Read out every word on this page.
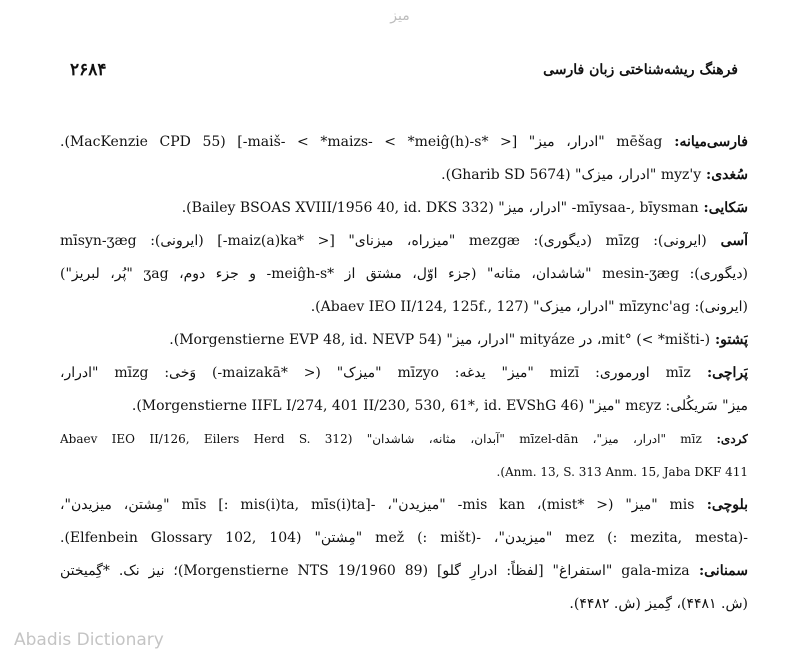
میز
۲۶۸۴	فرهنگ ریشه‌شناختی زبان فارسی
فارسی‌میانه: mēšag "ادرار، میز" [< *maiš- < *maizs- < *meiĝ(h)-s-] (MacKenzie CPD 55).
سُغدی: myz'y "ادرار، میزک" (Gharib SD 5674).
سَکایی: mīysaa-, bīysman- "ادرار، میز" (Bailey BSOAS XVIII/1956 40, id. DKS 332).
آسی (ایرونی): mīzg (دیگوری): mezgæ "میزراه، میزنای" [< *maiz(a)ka-] (ایرونی): mīsyn-ʒæg
(دیگوری): mesin-ʒæg "شاشدان، مثانه" (جزء اوّل، مشتق از *meiĝh-s- و جزء دوم، ʒag "پُر، لبریز")
(ایرونی): mīzync'ag "ادرار، میزک" (Abaev IEO II/124, 125f., 127).
پَشتو: mit° (< *mišti-)، در mityáze "ادرار، میز" (Morgenstierne EVP 48, id. NEVP 54).
پَراچی: mīz اورموری: mizī "میز" یدغه: mīzyo "میزک" (< *maizakā-) وَخی: mīzg "ادرار،
میز" سَریکُلی: mεyz "میز" (Morgenstierne IIFL I/274, 401 II/230, 530, 61*, id. EVShG 46).
کردی: mīz "ادرار، میز"، mīzel-dān "آبدان، مثانه، شاشدان" (Abaev IEO II/126, Eilers Herd S. 312
Anm. 13, S. 313 Anm. 15, Jaba DKF 411).
بلوچی: mis "میز" (< *mist)، mis kan- "میزیدن"، -mīs [: mis(i)ta, mīs(i)ta] "مِشتن، میزیدن"،
-mez (: mezita, mesta) "میزیدن"، -mež (: mišt) "مِشتن" (Elfenbein Glossary 102, 104).
سمنانی: gala-miza "استفراغ" [لفظاً: ادرارِ گلو] (Morgenstierne NTS 19/1960 89)؛ نیز نک. *گِمیختن
(ش. ۴۴۸۱)، گِمیز (ش. ۴۴۸۲).
Abadis Dictionary
